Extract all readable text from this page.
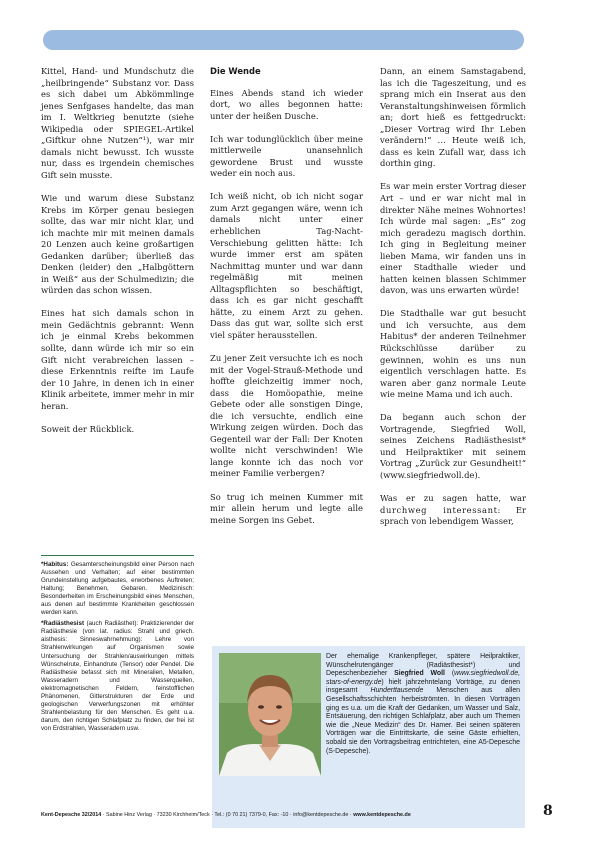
Kittel, Hand- und Mundschutz die „heilbringende“ Substanz vor. Dass es sich dabei um Abkömmlinge jenes Senfgases handelte, das man im I. Weltkrieg benutzte (siehe Wikipedia oder SPIEGEL-Artikel „Giftkur ohne Nutzen“¹), war mir damals nicht bewusst. Ich wusste nur, dass es irgendein chemisches Gift sein musste.

Wie und warum diese Substanz Krebs im Körper genau besiegen sollte, das war mir nicht klar, und ich machte mir mit meinen damals 20 Lenzen auch keine großartigen Gedanken darüber; überließ das Denken (leider) den „Halbgöttern in Weiß“ aus der Schulmedizin; die würden das schon wissen.

Eines hat sich damals schon in mein Gedächtnis gebrannt: Wenn ich je einmal Krebs bekommen sollte, dann würde ich mir so ein Gift nicht verabreichen lassen – diese Erkenntnis reifte im Laufe der 10 Jahre, in denen ich in einer Klinik arbeitete, immer mehr in mir heran.

Soweit der Rückblick.

Die Wende

Eines Abends stand ich wieder dort, wo alles begonnen hatte: unter der heißen Dusche.

Ich war todunglücklich über meine mittlerweile unansehnlich gewordene Brust und wusste weder ein noch aus.

Ich weiß nicht, ob ich nicht sogar zum Arzt gegangen wäre, wenn ich damals nicht unter einer erheblichen Tag-Nacht-Verschiebung gelitten hätte: Ich wurde immer erst am späten Nachmittag munter und war dann regelmäßig mit meinen Alltagspflichten so beschäftigt, dass ich es gar nicht geschafft hätte, zu einem Arzt zu gehen. Dass das gut war, sollte sich erst viel später herausstellen.

Zu jener Zeit versuchte ich es noch mit der Vogel-Strauß-Methode und hoffte gleichzeitig immer noch, dass die Homöopathie, meine Gebete oder alle sonstigen Dinge, die ich versuchte, endlich eine Wirkung zeigen würden. Doch das Gegenteil war der Fall: Der Knoten wollte nicht verschwinden! Wie lange konnte ich das noch vor meiner Familie verbergen?

So trug ich meinen Kummer mit mir allein herum und legte alle meine Sorgen ins Gebet.

Dann, an einem Samstagabend, las ich die Tageszeitung, und es sprang mich ein Inserat aus den Veranstaltungshinweisen förmlich an; dort hieß es fettgedruckt: „Dieser Vortrag wird Ihr Leben verändern!“ … Heute weiß ich, dass es kein Zufall war, dass ich dorthin ging.

Es war mein erster Vortrag dieser Art – und er war nicht mal in direkter Nähe meines Wohnortes! Ich würde mal sagen: „Es“ zog mich geradezu magisch dorthin. Ich ging in Begleitung meiner lieben Mama, wir fanden uns in einer Stadthalle wieder und hatten keinen blassen Schimmer davon, was uns erwarten würde!

Die Stadthalle war gut besucht und ich versuchte, aus dem Habitus* der anderen Teilnehmer Rückschlüsse darüber zu gewinnen, wohin es uns nun eigentlich verschlagen hatte. Es waren aber ganz normale Leute wie meine Mama und ich auch.

Da begann auch schon der Vortragende, Siegfried Woll, seines Zeichens Radiästhesist* und Heilpraktiker mit seinem Vortrag „Zurück zur Gesundheit!“ (www.siegfriedwoll.de).

Was er zu sagen hatte, war durchweg interessant: Er sprach von lebendigem Wasser,

*Habitus: Gesamterscheinungsbild einer Person nach Aussehen und Verhalten; auf einer bestimmten Grundeinstellung aufgebautes, erworbenes Auftreten; Haltung; Benehmen, Gebaren. Medizinisch: Besonderheiten im Erscheinungsbild eines Menschen, aus denen auf bestimmte Krankheiten geschlossen werden kann.

*Radiästhesist (auch Radiästhet): Praktizierender der Radiästhesie (von lat. radius: Strahl und griech. aisthesis: Sinneswahrnehmung): Lehre von Strahlenwirkungen auf Organismen sowie Untersuchung der Strahlen/auswirkungen mittels Wünschelrute, Einhandrute (Tensor) oder Pendel. Die Radiästhesie befasst sich mit Mineralien, Metallen, Wasseradern und Wasserquellen, elektromagnetischen Feldern, feinstofflichen Phänomenen, Gitterstrukturen der Erde und geologischen Verwerfungszonen mit erhöhter Strahlenbelastung für den Menschen. Es geht u.a. darum, den richtigen Schlafplatz zu finden, der frei ist von Erdstrahlen, Wasseradern usw.

Der ehemalige Krankenpfleger, spätere Heilpraktiker, Wünschelrutengänger (Radiästhesist*) und Depeschenbezieher Siegfried Woll (www.siegfriedwoll.de, stars-of-energy.de) hielt jahrzehntelang Vorträge, zu denen insgesamt Hunderttausende Menschen aus allen Gesellschaftsschichten herbeiströmten. In diesen Vorträgen ging es u.a. um die Kraft der Gedanken, um Wasser und Salz, Entsäuerung, den richtigen Schlafplatz, aber auch um Themen wie die „Neue Medizin“ des Dr. Hamer. Bei seinen späteren Vorträgen war die Eintrittskarte, die seine Gäste erhielten, sobald sie den Vortragsbeitrag entrichteten, eine A5-Depesche (S-Depesche).
Kent-Depesche 32/2014 · Sabine Hinz Verlag · 73230 Kirchheim/Teck · Tel.: (0 70 21) 7379-0, Fax: -10 · info@kentdepesche.de · www.kentdepesche.de	8
